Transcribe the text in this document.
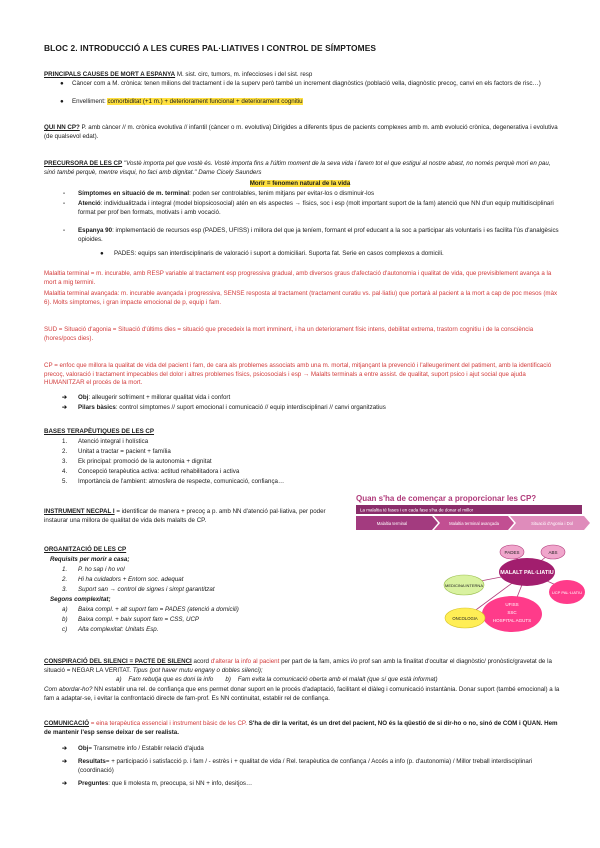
BLOC 2. INTRODUCCIÓ A LES CURES PAL·LIATIVES I CONTROL DE SÍMPTOMES
PRINCIPALS CAUSES DE MORT A ESPANYA M. sist. circ, tumors, m. infeccioses i del sist. resp
● Càncer com a M. crònica: tenen milions del tractament i de la superv però també un increment diagnòstics (població vella, diagnòstic precoç, canvi en els factors de risc…)
● Envelliment: comorbiditat (+1 m.) + deteriorament funcional + deteriorament cognitiu
QUI NN CP? P. amb càncer // m. crònica evolutiva // infantil (càncer o m. evolutiva) Dirigides a diferents tipus de pacients complexes amb m. amb evolució crònica, degenerativa i evolutiva (de qualsevol edat).
PRECURSORA DE LES CP "Vostè importa pel que vostè és. Vostè importa fins a l'últim moment de la seva vida i farem tot el que estigui al nostre abast, no només perquè mori en pau, sinó també perquè, mentre visqui, ho faci amb dignitat." Dame Cicely Saunders
Morir = fenomen natural de la vida
- Símptomes en situació de m. terminal: poden ser controlables, tenim mitjans per evitar-los o disminuir-los
- Atenció: individualitzada i integral (model biopsicosocial) atén en els aspectes → físics, soc i esp (molt important suport de la fam) atenció que NN d'un equip multidisciplinari format per prof ben formats, motivats i amb vocació.
- Espanya 90: implementació de recursos esp (PADES, UFISS) i millora del que ja teníem, formant el prof educant a la soc a participar als voluntaris i es facilita l'ús d'analgèsics opioides.
● PADES: equips san interdisciplinaris de valoració i suport a domiciliari. Suporta fat. Serie en casos complexos a domicili.
Malaltia terminal = m. incurable, amb RESP variable al tractament esp progressiva gradual, amb diversos graus d'afectació d'autonomia i qualitat de vida, que previsiblement avança a la mort a mig termini.
Malaltia terminal avançada: m. incurable avançada i progressiva, SENSE resposta al tractament (tractament curatiu vs. pal·liatiu) que portarà al pacient a la mort a cap de poc mesos (màx 6). Molts símptomes, i gran impacte emocional de p, equip i fam.
SUD = Situació d'agonia = Situació d'últims dies = situació que precedeix la mort imminent, i ha un deteriorament físic intens, debilitat extrema, trastorn cognitiu i de la consciència (hores/pocs dies).
CP = enfoc que millora la qualitat de vida del pacient i fam, de cara als problemes associats amb una m. mortal, mitjançant la prevenció i l'alleugeriment del patiment, amb la identificació precoç, valoració i tractament impecables del dolor i altres problemes físics, psicosocials i esp → Malalts terminals a entre assist. de qualitat, suport psico i ajut social que ajuda HUMANITZAR el procés de la mort.
➔ Obj: alleugerir sofriment + millorar qualitat vida i confort
➔ Pilars bàsics: control símptomes // suport emocional i comunicació // equip interdisciplinari // canvi organitzatius
BASES TERAPÈUTIQUES DE LES CP
1. Atenció integral i holística
2. Unitat a tractar = pacient + família
3. Ek principal: promoció de la autonomia + dignitat
4. Concepció terapèutica activa: actitud rehabilitadora i activa
5. Importància de l'ambient: atmosfera de respecte, comunicació, confiança…
INSTRUMENT NECPAL I = identificar de manera + precoç a p. amb NN d'atenció pal·liativa, per poder instaurar una millora de qualitat de vida dels malalts de CP.
ORGANITZACIÓ DE LES CP
Requisits per morir a casa;
1. P. ho sap i ho vol
2. Hi ha cuidadors + Entorn soc. adequat
3. Suport san → control de signes i simpt garantitzat
Segons complexitat;
a) Baixa compl. + alt suport fam = PADES (atenció a domicili)
b) Baixa compl. + baix suport fam = CSS, UCP
c) Alta complexitat: Unitats Esp.
Quan s'ha de començar a proporcionar les CP?
La malaltia té fases i en cada fase s'ha de donar el millor
Malaltia terminal	Malaltia terminal avançada	Situació d'Agonia i Dol
PADES	ABS
MEDICINA INTERNA
MALALT PAL·LIATIU
UCP PAL·LIATIU
UFISS
SSC
HOSPITAL AGUTS
ONCOLOGIA
CONSPIRACIÓ DEL SILENCI = PACTE DE SILENCI acord d'alterar la info al pacient per part de la fam, amics i/o prof san amb la finalitat d'ocultar el diagnòstic/ pronòstic/gravetat de la situació = NEGAR LA VERITAT. Tipus (pot haver mutu engany o dobles silenci);
a)    Fam rebutja que es doni la info       b)    Fam evita la comunicació oberta amb el malalt (que sí que està informat)
Com abordar-ho? NN establir una rel. de confiança que ens permet donar suport en le procés d'adaptació, facilitant el diàleg i comunicació instantània. Donar suport (també emocional) a la fam a adaptar-se, i evitar la confrontació directe de fam-prof. Es NN continuitat, establir rel de confiança.
COMUNICACIÓ = eina terapèutica essencial i instrument bàsic de les CP. S'ha de dir la veritat, és un dret del pacient, NO és la qüestió de si dir-ho o no, sinó de COM i QUAN. Hem de mantenir l'esp sense deixar de ser realista.
➔ Obj= Transmetre info / Establir relació d'ajuda
➔ Resultats= + participació i satisfacció p. i fam / - estrès i + qualitat de vida / Rel. terapèutica de confiança / Accés a info (p. d'autonomia) / Millor treball interdisciplinari (coordinació)
➔ Preguntes: que li molesta m, preocupa, si NN + info, desitjos…
